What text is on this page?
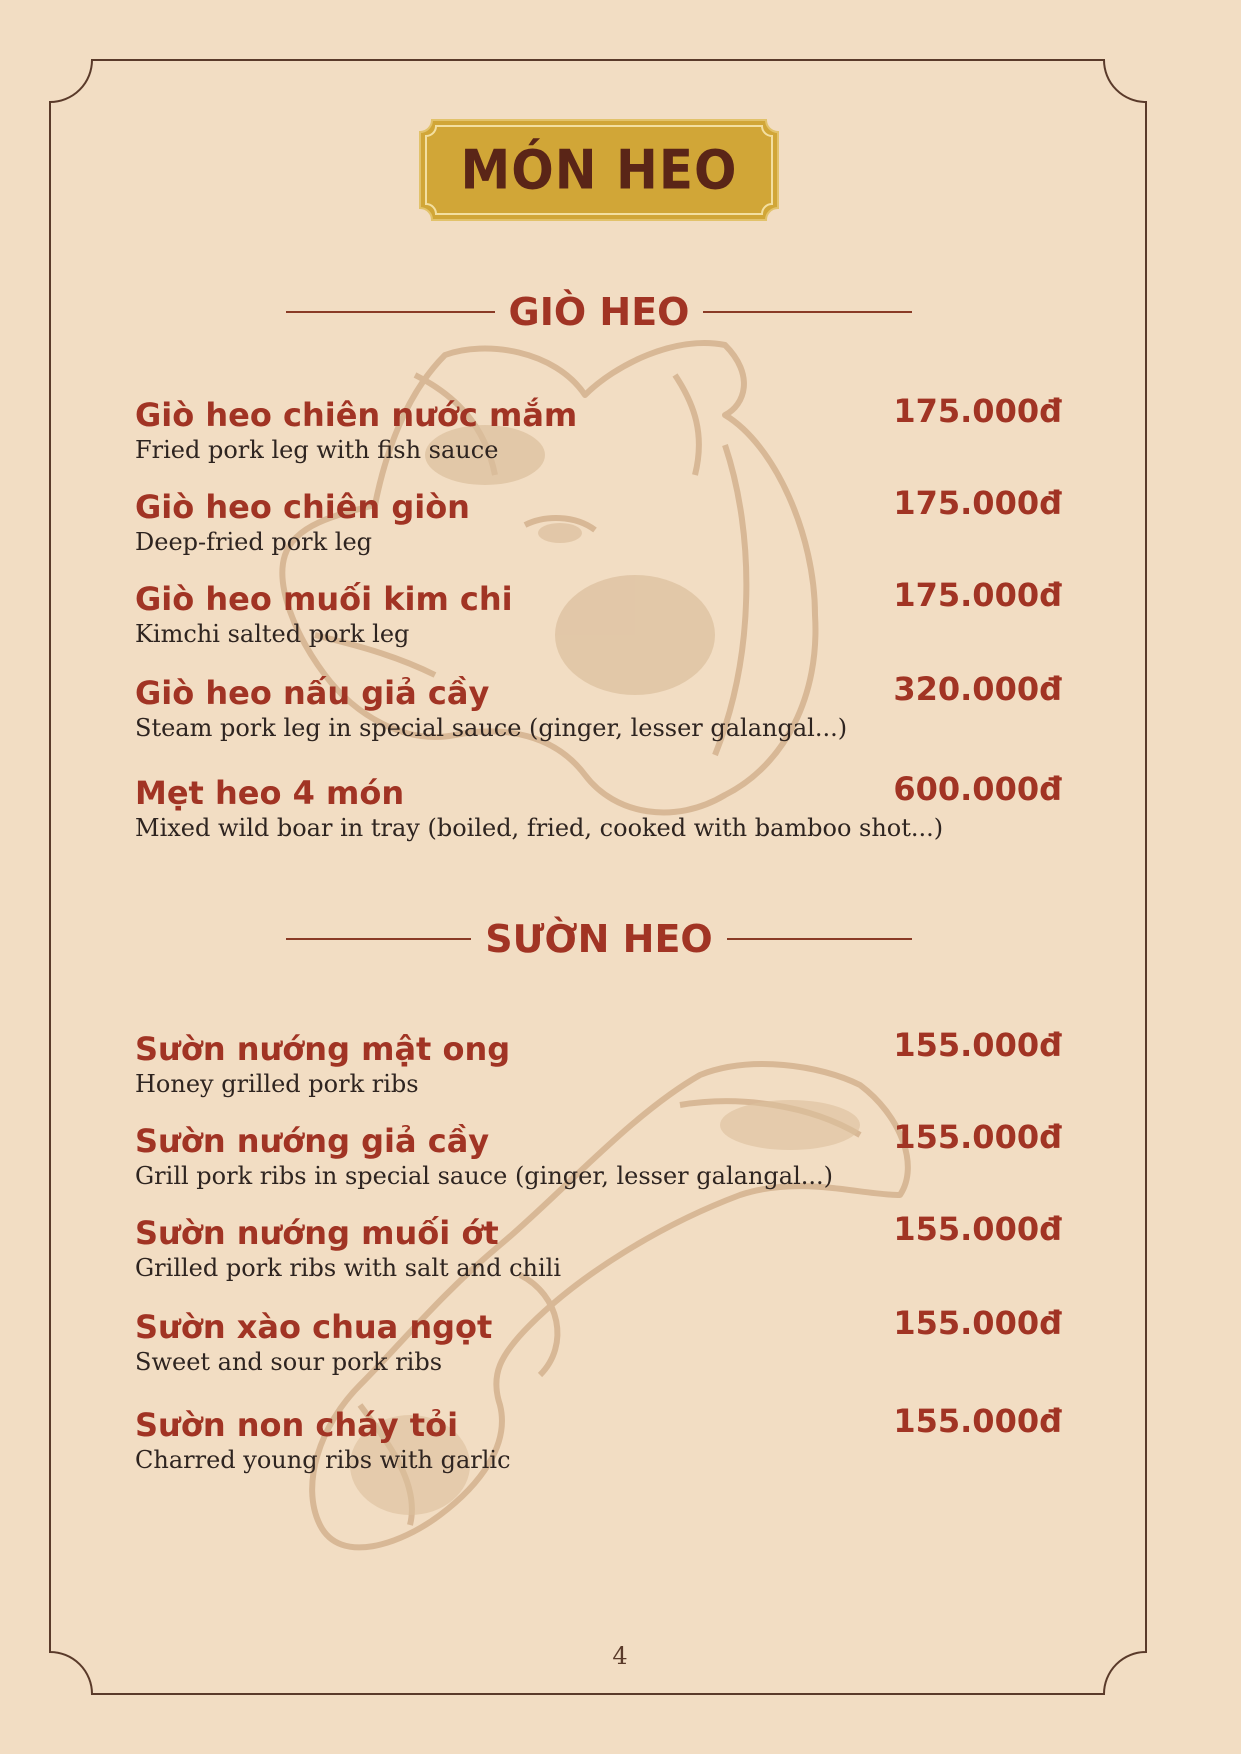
MÓN HEO
GIÒ HEO
Giò heo chiên nước mắm	175.000đ
Fried pork leg with fish sauce
Giò heo chiên giòn	175.000đ
Deep-fried pork leg
Giò heo muối kim chi	175.000đ
Kimchi salted pork leg
Giò heo nấu giả cầy	320.000đ
Steam pork leg in special sauce (ginger, lesser galangal...)
Mẹt heo 4 món	600.000đ
Mixed wild boar in tray (boiled, fried, cooked with bamboo shot...)
SƯỜN HEO
Sườn nướng mật ong	155.000đ
Honey grilled pork ribs
Sườn nướng giả cầy	155.000đ
Grill pork ribs in special sauce (ginger, lesser galangal...)
Sườn nướng muối ớt	155.000đ
Grilled pork ribs with salt and chili
Sườn xào chua ngọt	155.000đ
Sweet and sour pork ribs
Sườn non cháy tỏi	155.000đ
Charred young ribs with garlic
4
